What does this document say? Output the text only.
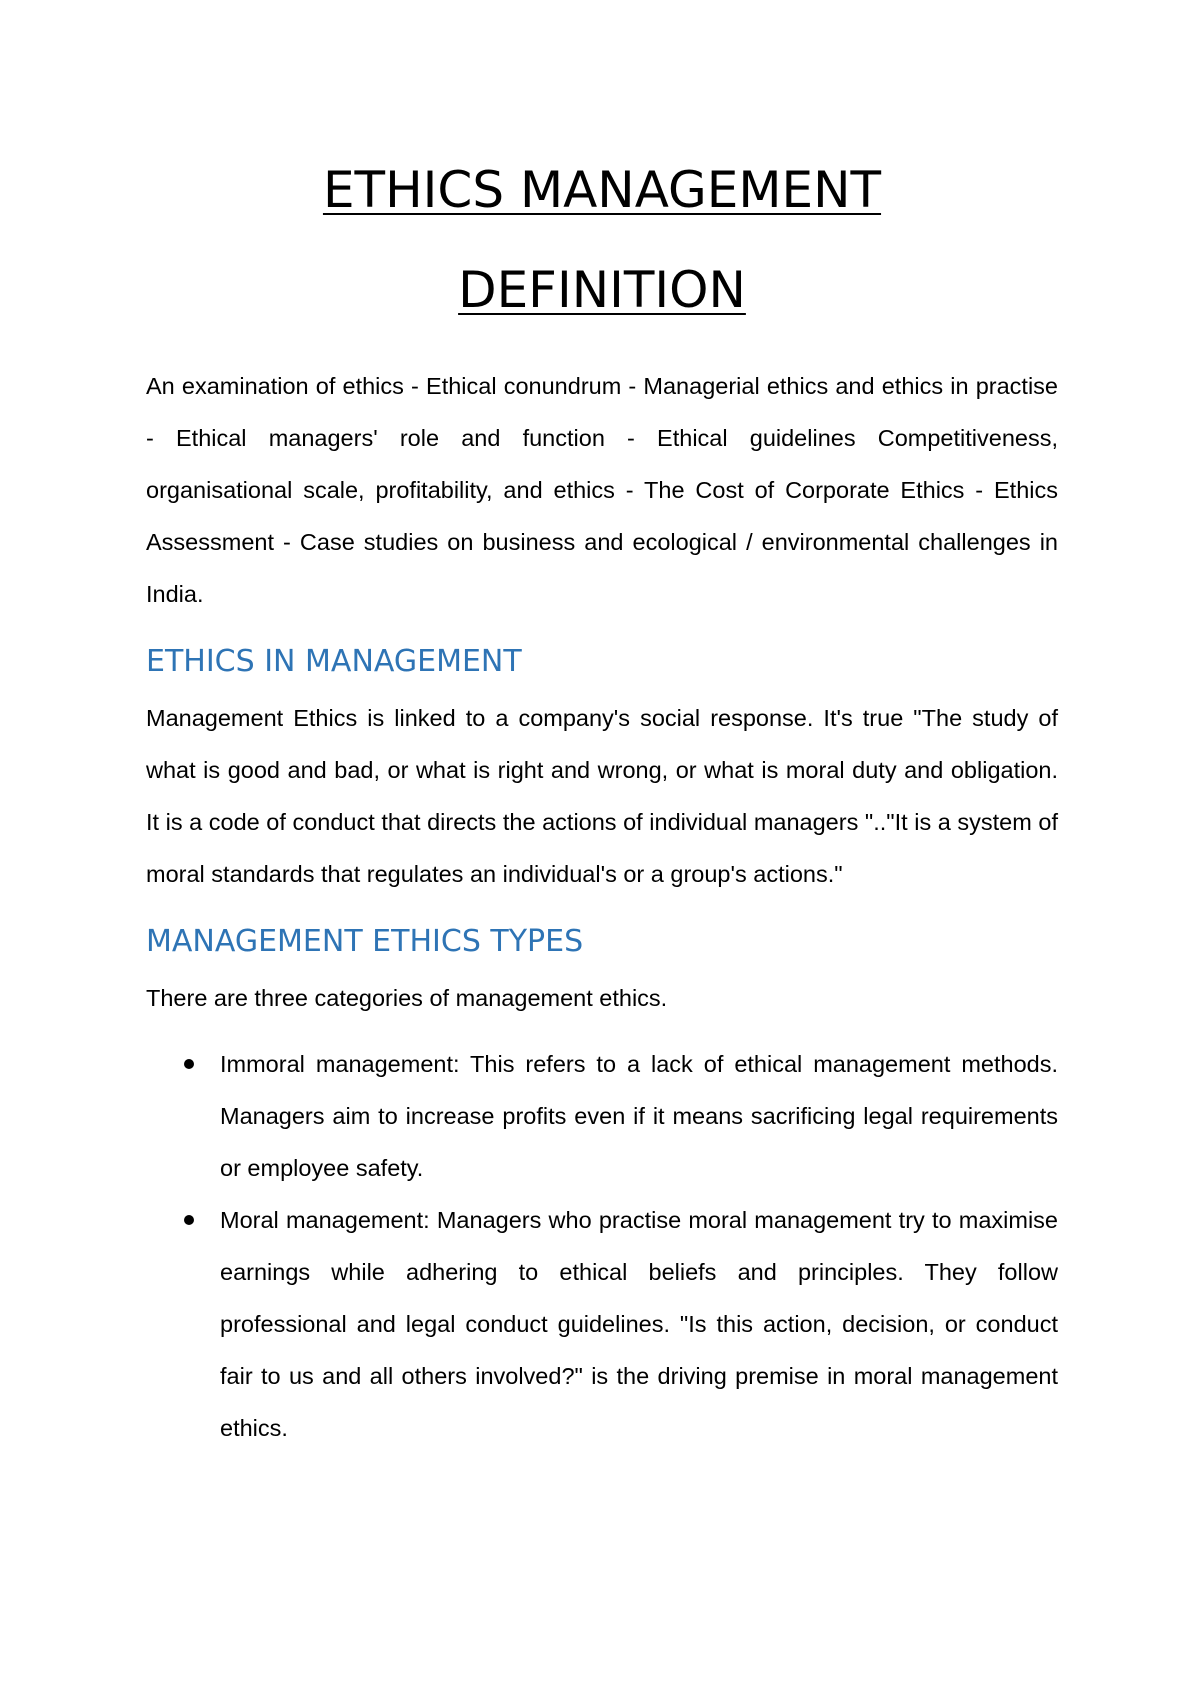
ETHICS MANAGEMENT
DEFINITION

An examination of ethics - Ethical conundrum - Managerial ethics and ethics in practise - Ethical managers' role and function - Ethical guidelines Competitiveness, organisational scale, profitability, and ethics - The Cost of Corporate Ethics - Ethics Assessment - Case studies on business and ecological / environmental challenges in India.

ETHICS IN MANAGEMENT

Management Ethics is linked to a company's social response. It's true "The study of what is good and bad, or what is right and wrong, or what is moral duty and obligation. It is a code of conduct that directs the actions of individual managers ".."It is a system of moral standards that regulates an individual's or a group's actions."

MANAGEMENT ETHICS TYPES

There are three categories of management ethics.

Immoral management: This refers to a lack of ethical management methods. Managers aim to increase profits even if it means sacrificing legal requirements or employee safety.
Moral management: Managers who practise moral management try to maximise earnings while adhering to ethical beliefs and principles. They follow professional and legal conduct guidelines. "Is this action, decision, or conduct fair to us and all others involved?" is the driving premise in moral management ethics.
